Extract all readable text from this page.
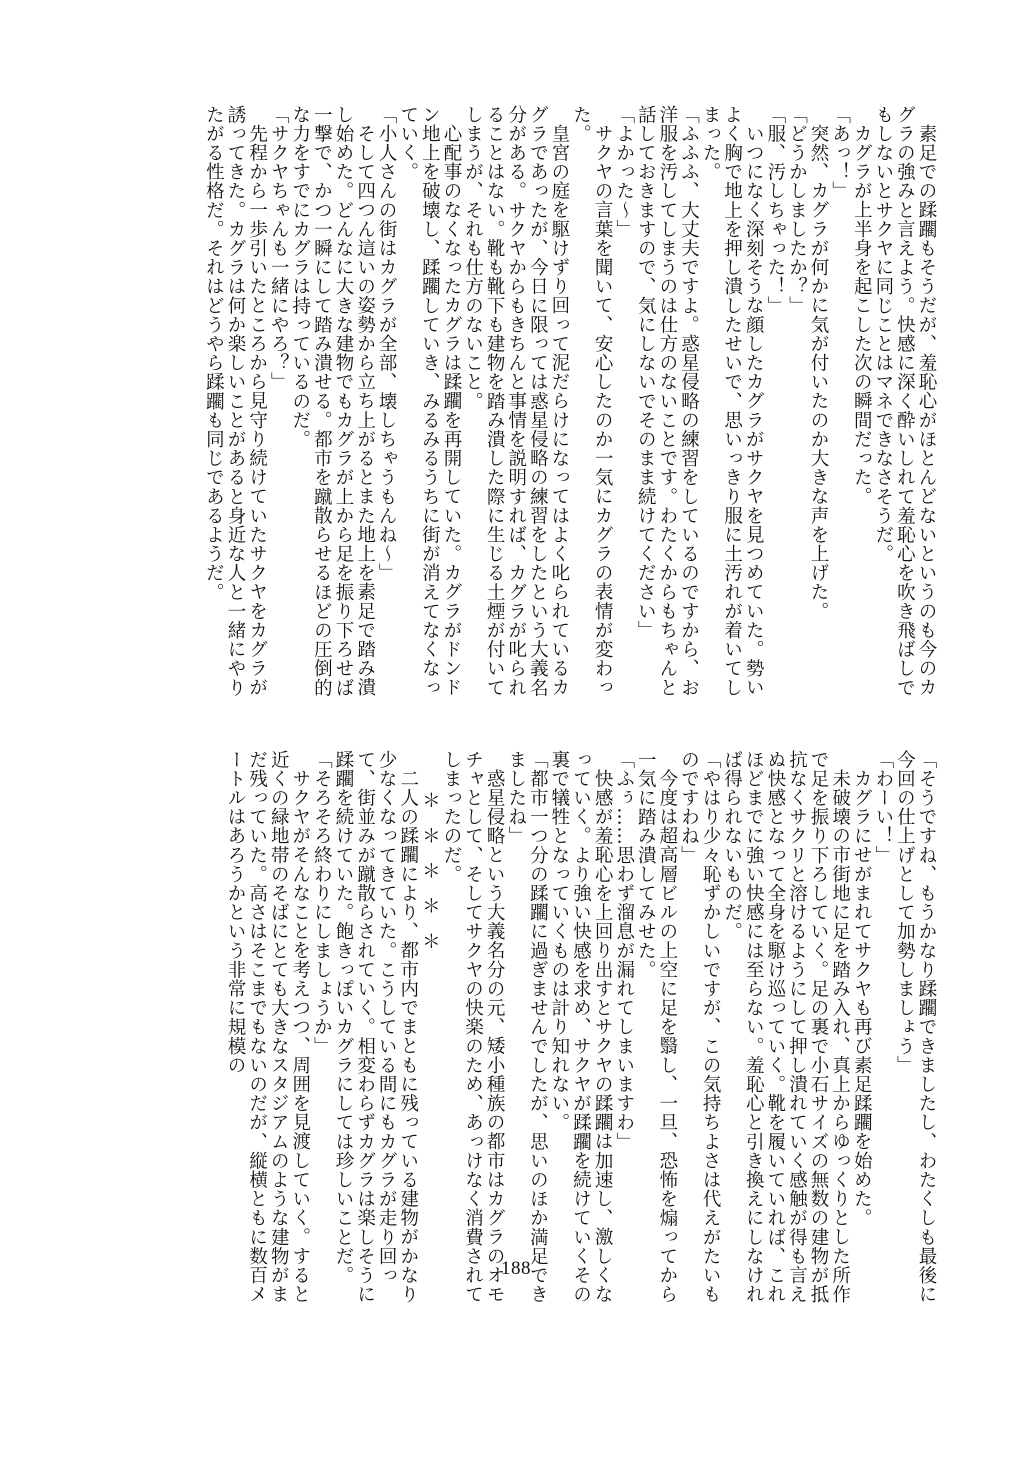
素足での蹂躙もそうだが、羞恥心がほとんどないというのも今のカグラの強みと言えよう。快感に深く酔いしれて羞恥心を吹き飛ばしでもしないとサクヤに同じことはマネできなさそうだ。

カグラが上半身を起こした次の瞬間だった。

「あっ！」

突然、カグラが何かに気が付いたのか大きな声を上げた。

「どうかしましたか？」

「服、汚しちゃった！」

いつになく深刻そうな顔したカグラがサクヤを見つめていた。勢いよく胸で地上を押し潰したせいで、思いっきり服に土汚れが着いてしまった。

「ふふふ、大丈夫ですよ。惑星侵略の練習をしているのですから、お洋服を汚してしまうのは仕方のないことです。わたくからもちゃんと話しておきますので、気にしないでそのまま続けてください」

「よかった～」

サクヤの言葉を聞いて、安心したのか一気にカグラの表情が変わった。

皇宮の庭を駆けずり回って泥だらけになってはよく叱られているカグラであったが、今日に限っては惑星侵略の練習をしたという大義名分がある。サクヤからもきちんと事情を説明すれば、カグラが叱られることはない。靴も靴下も建物を踏み潰した際に生じる土煙が付いてしまうが、それも仕方のないこと。

心配事のなくなったカグラは蹂躙を再開していた。カグラがドンドン地上を破壊し、蹂躙していき、みるみるうちに街が消えてなくなっていく。

「小人さんの街はカグラが全部、壊しちゃうもんね～」

そして四つん這いの姿勢から立ち上がるとまた地上を素足で踏み潰し始めた。どんなに大きな建物でもカグラが上から足を振り下ろせば一撃で、かつ一瞬にして踏み潰せる。都市を蹴散らせるほどの圧倒的な力をすでにカグラは持っているのだ。

「サクヤちゃんも一緒にやろ？」

先程から一歩引いたところから見守り続けていたサクヤをカグラが誘ってきた。カグラは何か楽しいことがあると身近な人と一緒にやりたがる性格だ。それはどうやら蹂躙も同じであるようだ。

「そうですね、もうかなり蹂躙できましたし、わたくしも最後に今回の仕上げとして加勢しましょう」

「わーい！」

カグラにせがまれてサクヤも再び素足蹂躙を始めた。

未破壊の市街地に足を踏み入れ、真上からゆっくりとした所作で足を振り下ろしていく。足の裏で小石サイズの無数の建物が抵抗なくサクリと溶けるようにして押し潰れていく感触が得も言えぬ快感となって全身を駆け巡っていく。靴を履いていれば、これほどまでに強い快感には至らない。羞恥心と引き換えにしなければ得られないものだ。

「やはり少々恥ずかしいですが、この気持ちよさは代えがたいものですわね」

今度は超高層ビルの上空に足を翳し、一旦、恐怖を煽ってから一気に踏み潰してみせた。

「ふぅ……思わず溜息が漏れてしまいますわ」

快感が羞恥心を上回り出すとサクヤの蹂躙は加速し、激しくなっていく。より強い快感を求め、サクヤが蹂躙を続けていくその裏で犠牲となっていくものは計り知れない。

「都市一つ分の蹂躙に過ぎませんでしたが、思いのほか満足できましたね」

惑星侵略という大義名分の元、矮小種族の都市はカグラのオモチャとして、そしてサクヤの快楽のため、あっけなく消費されてしまったのだ。

＊＊＊＊＊

二人の蹂躙により、都市内でまともに残っている建物がかなり少なくなってきていた。こうしている間にもカグラが走り回って、街並みが蹴散らされていく。相変わらずカグラは楽しそうに蹂躙を続けていた。飽きっぽいカグラにしては珍しいことだ。

「そろそろ終わりにしましょうか」

サクヤがそんなことを考えつつ、周囲を見渡していく。すると近くの緑地帯のそばにとても大きなスタジアムのような建物がまだ残っていた。高さはそこまでもないのだが、縦横ともに数百メートルはあろうかという非常に規模の

188
